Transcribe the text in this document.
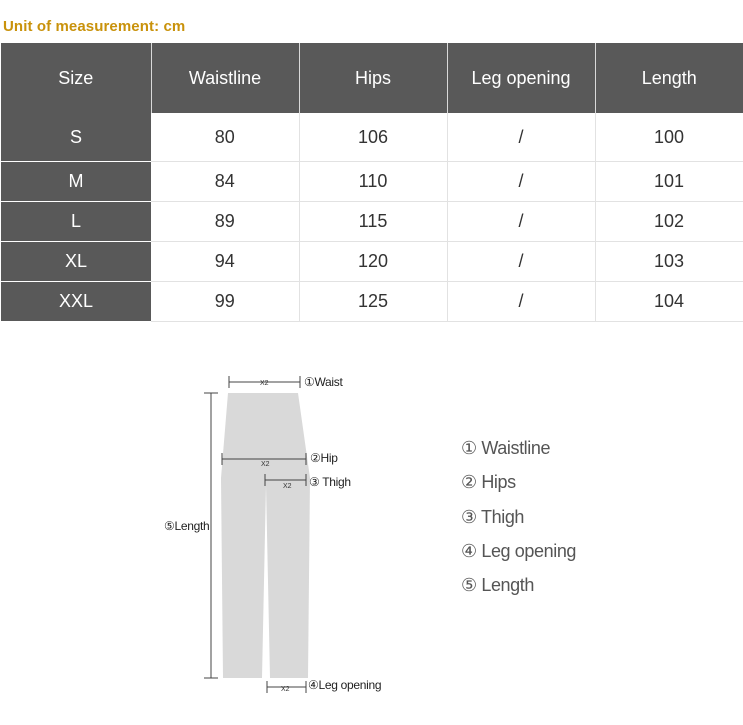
Unit of measurement: cm
Size	Waistline	Hips	Leg opening	Length
S	80	106	/	100
M	84	110	/	101
L	89	115	/	102
XL	94	120	/	103
XXL	99	125	/	104
X2
X2
X2
X2
①Waist
②Hip
③ Thigh
⑤Length
④Leg opening
① Waistline
② Hips
③ Thigh
④ Leg opening
⑤ Length
